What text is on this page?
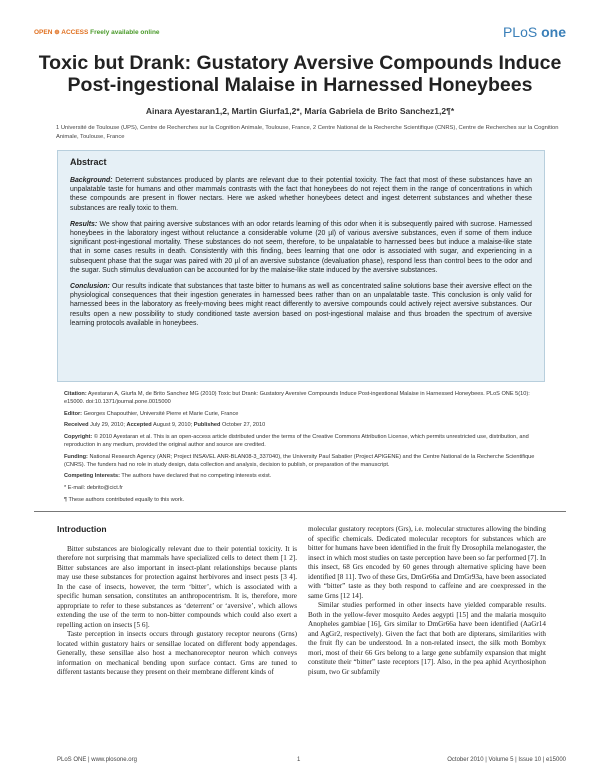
OPEN ⊕ ACCESS Freely available online	PLoS one
Toxic but Drank: Gustatory Aversive Compounds Induce Post-ingestional Malaise in Harnessed Honeybees
Ainara Ayestaran1,2, Martin Giurfa1,2*, María Gabriela de Brito Sanchez1,2¶*
1 Université de Toulouse (UPS), Centre de Recherches sur la Cognition Animale, Toulouse, France, 2 Centre National de la Recherche Scientifique (CNRS), Centre de Recherches sur la Cognition Animale, Toulouse, France
Abstract

Background: Deterrent substances produced by plants are relevant due to their potential toxicity. The fact that most of these substances have an unpalatable taste for humans and other mammals contrasts with the fact that honeybees do not reject them in the range of concentrations in which these compounds are present in flower nectars. Here we asked whether honeybees detect and ingest deterrent substances and whether these substances are really toxic to them.

Results: We show that pairing aversive substances with an odor retards learning of this odor when it is subsequently paired with sucrose. Harnessed honeybees in the laboratory ingest without reluctance a considerable volume (20 µl) of various aversive substances, even if some of them induce significant post-ingestional mortality. These substances do not seem, therefore, to be unpalatable to harnessed bees but induce a malaise-like state that in some cases results in death. Consistently with this finding, bees learning that one odor is associated with sugar, and experiencing in a subsequent phase that the sugar was paired with 20 µl of an aversive substance (devaluation phase), respond less than control bees to the odor and the sugar. Such stimulus devaluation can be accounted for by the malaise-like state induced by the aversive substances.

Conclusion: Our results indicate that substances that taste bitter to humans as well as concentrated saline solutions base their aversive effect on the physiological consequences that their ingestion generates in harnessed bees rather than on an unpalatable taste. This conclusion is only valid for harnessed bees in the laboratory as freely-moving bees might react differently to aversive compounds could actively reject aversive substances. Our results open a new possibility to study conditioned taste aversion based on post-ingestional malaise and thus broaden the spectrum of aversive learning protocols available in honeybees.

Citation: Ayestaran A, Giurfa M, de Brito Sanchez MG (2010) Toxic but Drank: Gustatory Aversive Compounds Induce Post-ingestional Malaise in Harnessed Honeybees. PLoS ONE 5(10): e15000. doi:10.1371/journal.pone.0015000

Editor: Georges Chapouthier, Université Pierre et Marie Curie, France

Received July 29, 2010; Accepted August 9, 2010; Published October 27, 2010

Copyright: © 2010 Ayestaran et al. This is an open-access article distributed under the terms of the Creative Commons Attribution License, which permits unrestricted use, distribution, and reproduction in any medium, provided the original author and source are credited.

Funding: National Research Agency (ANR; Project INSAVEL ANR-BLAN08-3_337040), the University Paul Sabatier (Project APIGENE) and the Centre National de la Recherche Scientifique (CNRS). The funders had no role in study design, data collection and analysis, decision to publish, or preparation of the manuscript.

Competing Interests: The authors have declared that no competing interests exist.

* E-mail: debrito@cict.fr

¶ These authors contributed equally to this work.

Introduction

Bitter substances are biologically relevant due to their potential toxicity. It is therefore not surprising that mammals have specialized cells to detect them [1 2]. Bitter substances are also important in insect-plant relationships because plants may use these substances for protection against herbivores and insect pests [3 4]. In the case of insects, however, the term ‘bitter’, which is associated with a specific human sensation, constitutes an anthropocentrism. It is, therefore, more appropriate to refer to these substances as ‘deterrent’ or ‘aversive’, which allows extending the use of the term to non-bitter compounds which could also exert a repelling action on insects [5 6].

Taste perception in insects occurs through gustatory receptor neurons (Grns) located within gustatory hairs or sensillae located on different body appendages. Generally, these sensillae also host a mechanoreceptor neuron which conveys information on mechanical bending upon surface contact. Grns are tuned to different tastants because they present on their membrane different kinds of

molecular gustatory receptors (Grs), i.e. molecular structures allowing the binding of specific chemicals. Dedicated molecular receptors for substances which are bitter for humans have been identified in the fruit fly Drosophila melanogaster, the insect in which most studies on taste perception have been so far performed [7]. In this insect, 68 Grs encoded by 60 genes through alternative splicing have been identified [8 11]. Two of these Grs, DmGr66a and DmGr93a, have been associated with “bitter” taste as they both respond to caffeine and are coexpressed in the same Grns [12 14].

Similar studies performed in other insects have yielded comparable results. Both in the yellow-fever mosquito Aedes aegypti [15] and the malaria mosquito Anopheles gambiae [16], Grs similar to DmGr66a have been identified (AaGr14 and AgGr2, respectively). Given the fact that both are dipterans, similarities with the fruit fly can be understood. In a non-related insect, the silk moth Bombyx mori, most of their 66 Grs belong to a large gene subfamily expansion that might constitute their “bitter” taste receptors [17]. Also, in the pea aphid Acyrthosiphon pisum, two Gr subfamily

PLoS ONE | www.plosone.org	1	October 2010 | Volume 5 | Issue 10 | e15000
